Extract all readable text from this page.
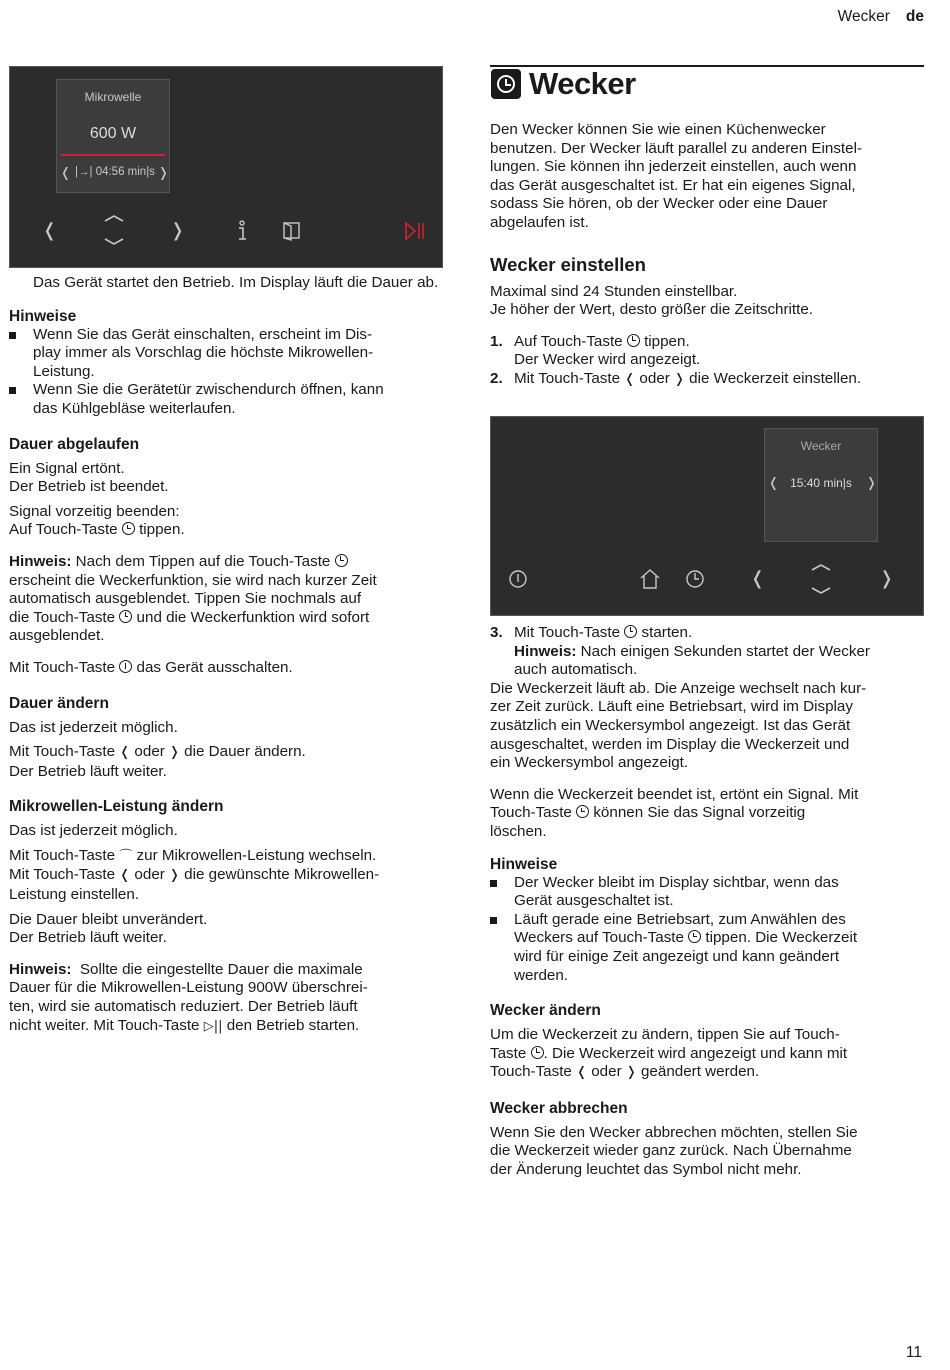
Wecker de
Mikrowelle
600 W
❬ |→| 04:56 min|s ❭
❬	❭
Das Gerät startet den Betrieb. Im Display läuft die Dauer ab.
Hinweise
Wenn Sie das Gerät einschalten, erscheint im Dis-
play immer als Vorschlag die höchste Mikrowellen-
Leistung.
Wenn Sie die Gerätetür zwischendurch öffnen, kann
das Kühlgebläse weiterlaufen.
Dauer abgelaufen
Ein Signal ertönt.
Der Betrieb ist beendet.
Signal vorzeitig beenden:
Auf Touch-Taste  tippen.
Hinweis: Nach dem Tippen auf die Touch-Taste
erscheint die Weckerfunktion, sie wird nach kurzer Zeit
automatisch ausgeblendet. Tippen Sie nochmals auf
die Touch-Taste  und die Weckerfunktion wird sofort
ausgeblendet.
Mit Touch-Taste  das Gerät ausschalten.
Dauer ändern
Das ist jederzeit möglich.
Mit Touch-Taste ❬ oder ❭ die Dauer ändern.
Der Betrieb läuft weiter.
Mikrowellen-Leistung ändern
Das ist jederzeit möglich.
Mit Touch-Taste ⌒ zur Mikrowellen-Leistung wechseln.
Mit Touch-Taste ❬ oder ❭ die gewünschte Mikrowellen-
Leistung einstellen.
Die Dauer bleibt unverändert.
Der Betrieb läuft weiter.
Hinweis:  Sollte die eingestellte Dauer die maximale
Dauer für die Mikrowellen-Leistung 900W überschrei-
ten, wird sie automatisch reduziert. Der Betrieb läuft
nicht weiter. Mit Touch-Taste ▷|| den Betrieb starten.
Wecker
Den Wecker können Sie wie einen Küchenwecker
benutzen. Der Wecker läuft parallel zu anderen Einstel-
lungen. Sie können ihn jederzeit einstellen, auch wenn
das Gerät ausgeschaltet ist. Er hat ein eigenes Signal,
sodass Sie hören, ob der Wecker oder eine Dauer
abgelaufen ist.
Wecker einstellen
Maximal sind 24 Stunden einstellbar.
Je höher der Wert, desto größer die Zeitschritte.
1. Auf Touch-Taste  tippen.
Der Wecker wird angezeigt.
2. Mit Touch-Taste ❬ oder ❭ die Weckerzeit einstellen.
Wecker
❬ 15:40 min|s	❭
❬	❭
3. Mit Touch-Taste  starten.
Hinweis: Nach einigen Sekunden startet der Wecker
auch automatisch.
Die Weckerzeit läuft ab. Die Anzeige wechselt nach kur-
zer Zeit zurück. Läuft eine Betriebsart, wird im Display
zusätzlich ein Weckersymbol angezeigt. Ist das Gerät
ausgeschaltet, werden im Display die Weckerzeit und
ein Weckersymbol angezeigt.
Wenn die Weckerzeit beendet ist, ertönt ein Signal. Mit
Touch-Taste  können Sie das Signal vorzeitig
löschen.
Hinweise
Der Wecker bleibt im Display sichtbar, wenn das
Gerät ausgeschaltet ist.
Läuft gerade eine Betriebsart, zum Anwählen des
Weckers auf Touch-Taste  tippen. Die Weckerzeit
wird für einige Zeit angezeigt und kann geändert
werden.
Wecker ändern
Um die Weckerzeit zu ändern, tippen Sie auf Touch-
Taste . Die Weckerzeit wird angezeigt und kann mit
Touch-Taste ❬ oder ❭ geändert werden.
Wecker abbrechen
Wenn Sie den Wecker abbrechen möchten, stellen Sie
die Weckerzeit wieder ganz zurück. Nach Übernahme
der Änderung leuchtet das Symbol nicht mehr.
11
